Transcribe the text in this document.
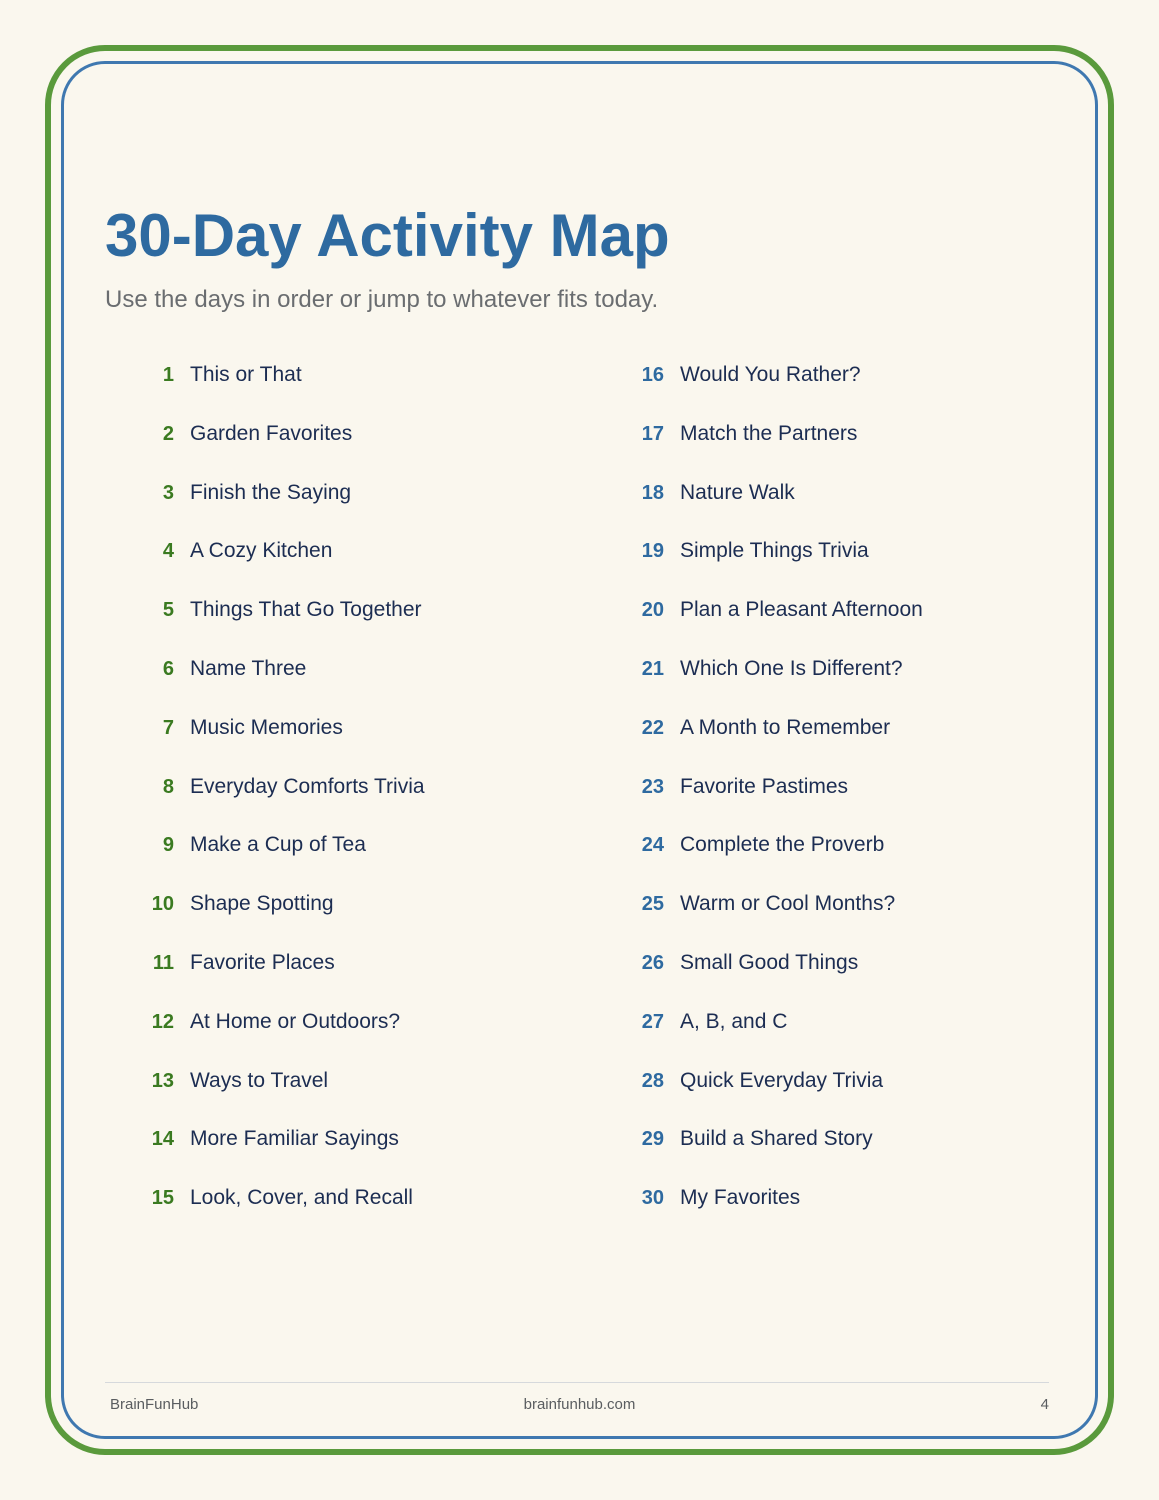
30-Day Activity Map

Use the days in order or jump to whatever fits today.

1 This or That
2 Garden Favorites
3 Finish the Saying
4 A Cozy Kitchen
5 Things That Go Together
6 Name Three
7 Music Memories
8 Everyday Comforts Trivia
9 Make a Cup of Tea
10 Shape Spotting
11 Favorite Places
12 At Home or Outdoors?
13 Ways to Travel
14 More Familiar Sayings
15 Look, Cover, and Recall
16 Would You Rather?
17 Match the Partners
18 Nature Walk
19 Simple Things Trivia
20 Plan a Pleasant Afternoon
21 Which One Is Different?
22 A Month to Remember
23 Favorite Pastimes
24 Complete the Proverb
25 Warm or Cool Months?
26 Small Good Things
27 A, B, and C
28 Quick Everyday Trivia
29 Build a Shared Story
30 My Favorites
BrainFunHub	brainfunhub.com	4
